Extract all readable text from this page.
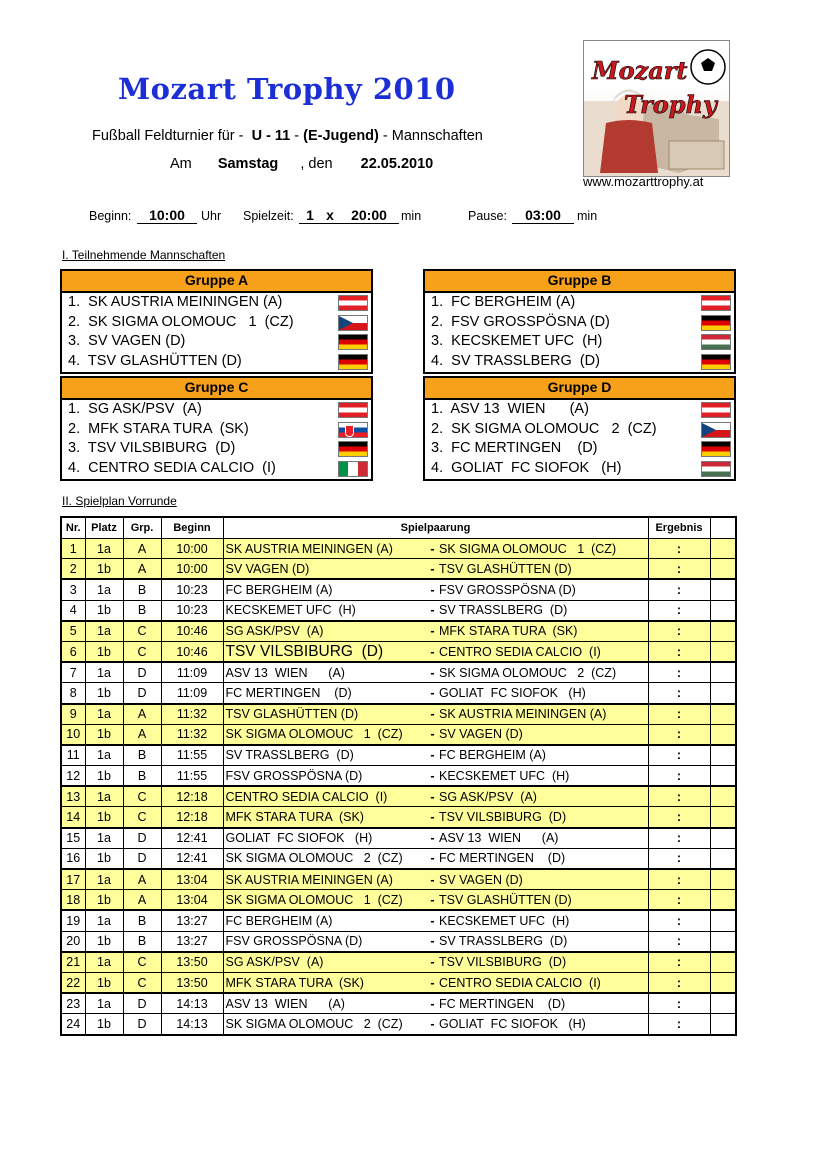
Mozart Trophy 2010
Fußball Feldturnier für - U - 11 - (E-Jugend) - Mannschaften
Am Samstag , den 22.05.2010
Mozart
Trophy
www.mozarttrophy.at
Beginn:	10:00	Uhr Spielzeit: 1 x	20:00	min	Pause:	03:00	min
I. Teilnehmende Mannschaften
Gruppe A
1.  SK AUSTRIA MEININGEN (A)
2.  SK SIGMA OLOMOUC   1  (CZ)
3.  SV VAGEN (D)
4.  TSV GLASHÜTTEN (D)
Gruppe B
1.  FC BERGHEIM (A)
2.  FSV GROSSPÖSNA (D)
3.  KECSKEMET UFC  (H)
4.  SV TRASSLBERG  (D)
Gruppe C
1.  SG ASK/PSV  (A)
2.  MFK STARA TURA  (SK)
3.  TSV VILSBIBURG  (D)
4.  CENTRO SEDIA CALCIO  (I)
Gruppe D
1.  ASV 13  WIEN      (A)
2.  SK SIGMA OLOMOUC   2  (CZ)
3.  FC MERTINGEN    (D)
4.  GOLIAT  FC SIOFOK   (H)
II. Spielplan Vorrunde
Nr.	Platz	Grp.	Beginn	Spielpaarung		Ergebnis	
1	1a	A	10:00	SK AUSTRIA MEININGEN (A)	- SK SIGMA OLOMOUC   1  (CZ)	:	
2	1b	A	10:00	SV VAGEN (D)	- TSV GLASHÜTTEN (D)	:	
3	1a	B	10:23	FC BERGHEIM (A)	- FSV GROSSPÖSNA (D)	:	
4	1b	B	10:23	KECSKEMET UFC  (H)	- SV TRASSLBERG  (D)	:	
5	1a	C	10:46	SG ASK/PSV  (A)	- MFK STARA TURA  (SK)	:	
6	1b	C	10:46	TSV VILSBIBURG  (D)	- CENTRO SEDIA CALCIO  (I)	:	
7	1a	D	11:09	ASV 13  WIEN      (A)	- SK SIGMA OLOMOUC   2  (CZ)	:	
8	1b	D	11:09	FC MERTINGEN    (D)	- GOLIAT  FC SIOFOK   (H)	:	
9	1a	A	11:32	TSV GLASHÜTTEN (D)	- SK AUSTRIA MEININGEN (A)	:	
10	1b	A	11:32	SK SIGMA OLOMOUC   1  (CZ)	- SV VAGEN (D)	:	
11	1a	B	11:55	SV TRASSLBERG  (D)	- FC BERGHEIM (A)	:	
12	1b	B	11:55	FSV GROSSPÖSNA (D)	- KECSKEMET UFC  (H)	:	
13	1a	C	12:18	CENTRO SEDIA CALCIO  (I)	- SG ASK/PSV  (A)	:	
14	1b	C	12:18	MFK STARA TURA  (SK)	- TSV VILSBIBURG  (D)	:	
15	1a	D	12:41	GOLIAT  FC SIOFOK   (H)	- ASV 13  WIEN      (A)	:	
16	1b	D	12:41	SK SIGMA OLOMOUC   2  (CZ)	- FC MERTINGEN    (D)	:	
17	1a	A	13:04	SK AUSTRIA MEININGEN (A)	- SV VAGEN (D)	:	
18	1b	A	13:04	SK SIGMA OLOMOUC   1  (CZ)	- TSV GLASHÜTTEN (D)	:	
19	1a	B	13:27	FC BERGHEIM (A)	- KECSKEMET UFC  (H)	:	
20	1b	B	13:27	FSV GROSSPÖSNA (D)	- SV TRASSLBERG  (D)	:	
21	1a	C	13:50	SG ASK/PSV  (A)	- TSV VILSBIBURG  (D)	:	
22	1b	C	13:50	MFK STARA TURA  (SK)	- CENTRO SEDIA CALCIO  (I)	:	
23	1a	D	14:13	ASV 13  WIEN      (A)	- FC MERTINGEN    (D)	:	
24	1b	D	14:13	SK SIGMA OLOMOUC   2  (CZ)	- GOLIAT  FC SIOFOK   (H)	:	
